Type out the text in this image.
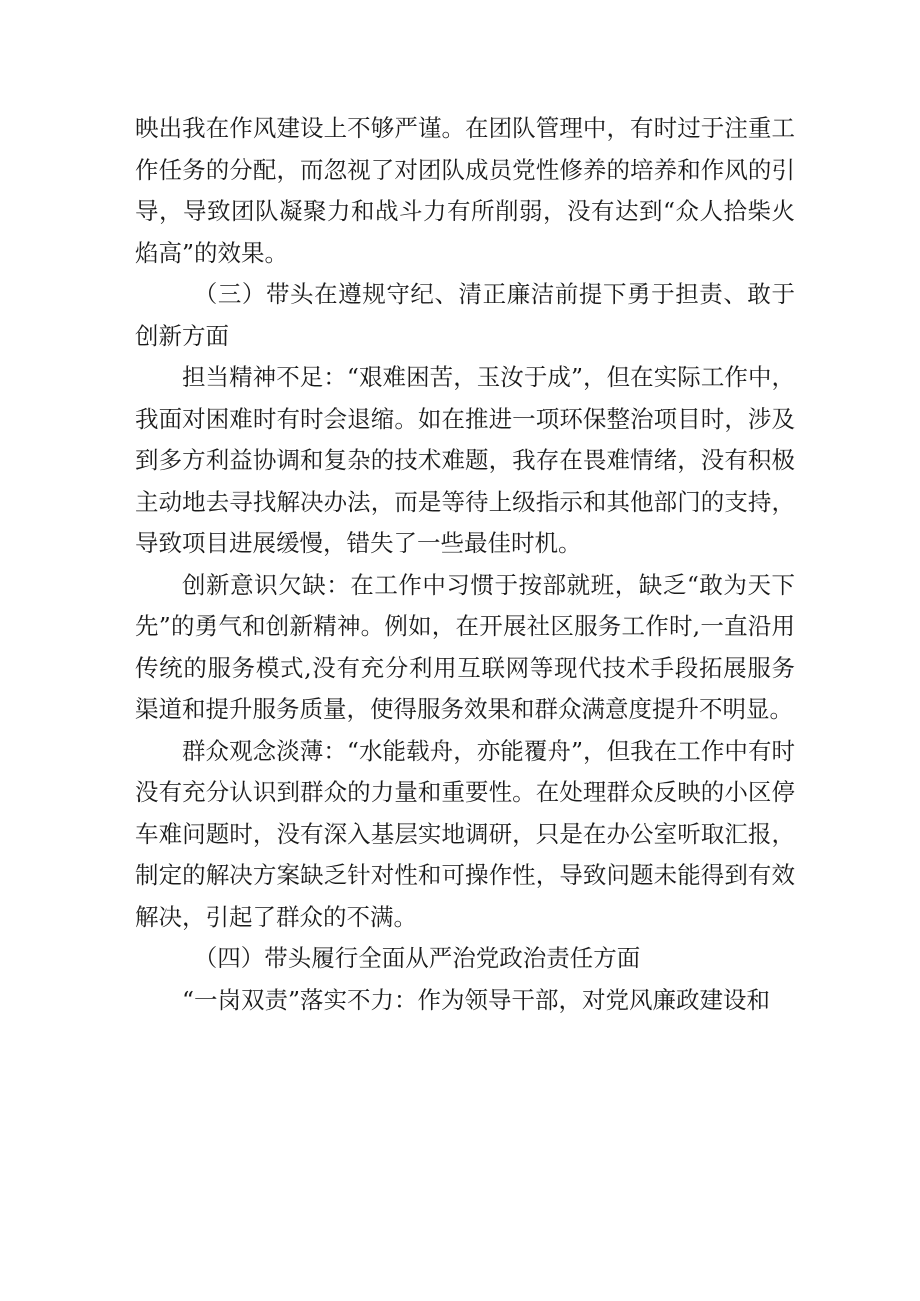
映出我在作风建设上不够严谨。在团队管理中，有时过于注重工作任务的分配，而忽视了对团队成员党性修养的培养和作风的引导，导致团队凝聚力和战斗力有所削弱，没有达到“众人拾柴火焰高”的效果。

（三）带头在遵规守纪、清正廉洁前提下勇于担责、敢于创新方面

担当精神不足：“艰难困苦，玉汝于成”，但在实际工作中，我面对困难时有时会退缩。如在推进一项环保整治项目时，涉及到多方利益协调和复杂的技术难题，我存在畏难情绪，没有积极主动地去寻找解决办法，而是等待上级指示和其他部门的支持，导致项目进展缓慢，错失了一些最佳时机。

创新意识欠缺：在工作中习惯于按部就班，缺乏“敢为天下先”的勇气和创新精神。例如，在开展社区服务工作时,一直沿用传统的服务模式,没有充分利用互联网等现代技术手段拓展服务渠道和提升服务质量，使得服务效果和群众满意度提升不明显。

群众观念淡薄：“水能载舟，亦能覆舟”，但我在工作中有时没有充分认识到群众的力量和重要性。在处理群众反映的小区停车难问题时，没有深入基层实地调研，只是在办公室听取汇报，制定的解决方案缺乏针对性和可操作性，导致问题未能得到有效解决，引起了群众的不满。

（四）带头履行全面从严治党政治责任方面

“一岗双责”落实不力：作为领导干部，对党风廉政建设和
